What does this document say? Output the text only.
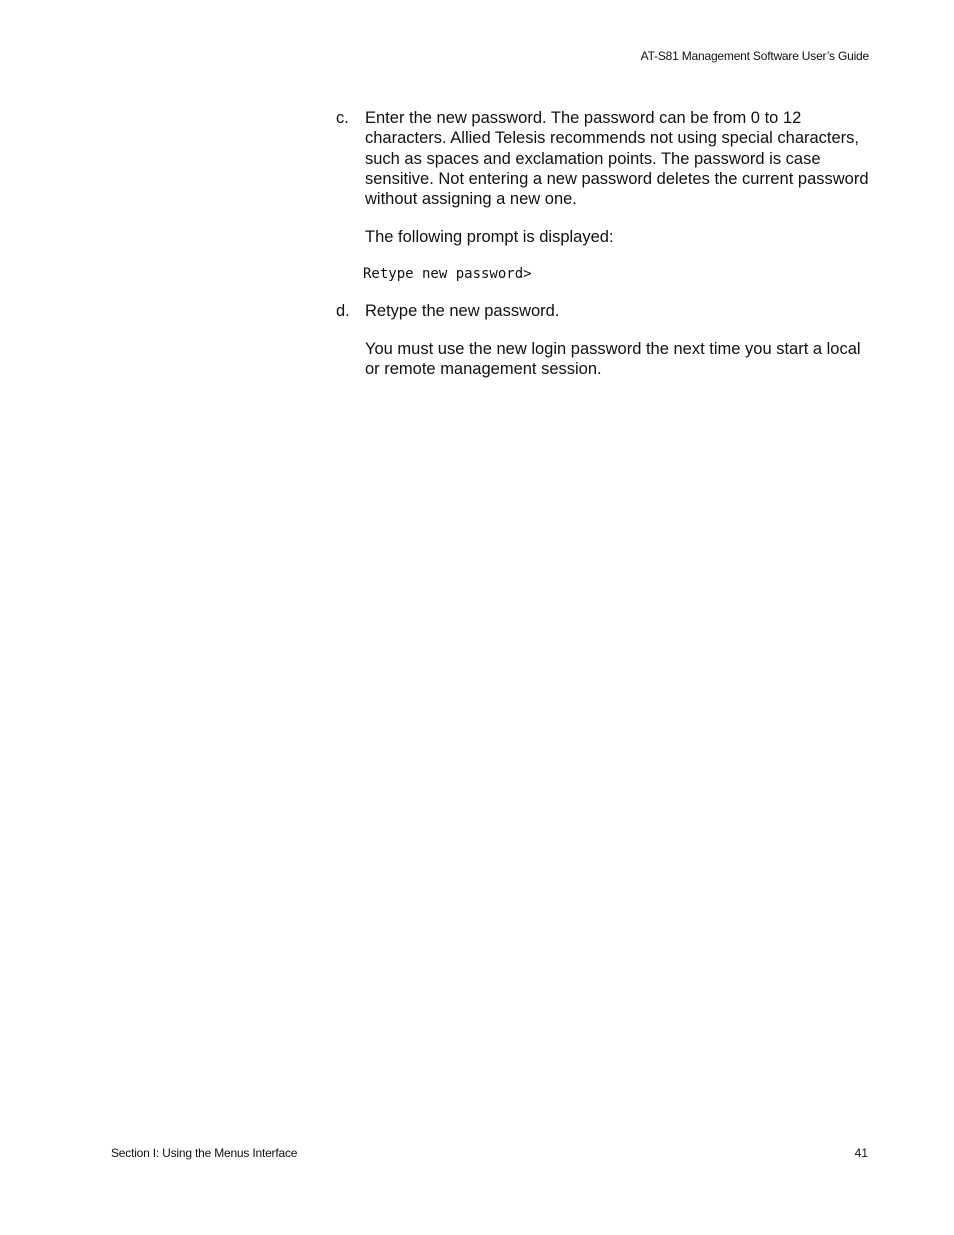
AT-S81 Management Software User’s Guide
c. Enter the new password. The password can be from 0 to 12 characters. Allied Telesis recommends not using special characters, such as spaces and exclamation points. The password is case sensitive. Not entering a new password deletes the current password without assigning a new one.

The following prompt is displayed:

Retype new password>
d. Retype the new password.

You must use the new login password the next time you start a local or remote management session.

Section I: Using the Menus Interface	41
